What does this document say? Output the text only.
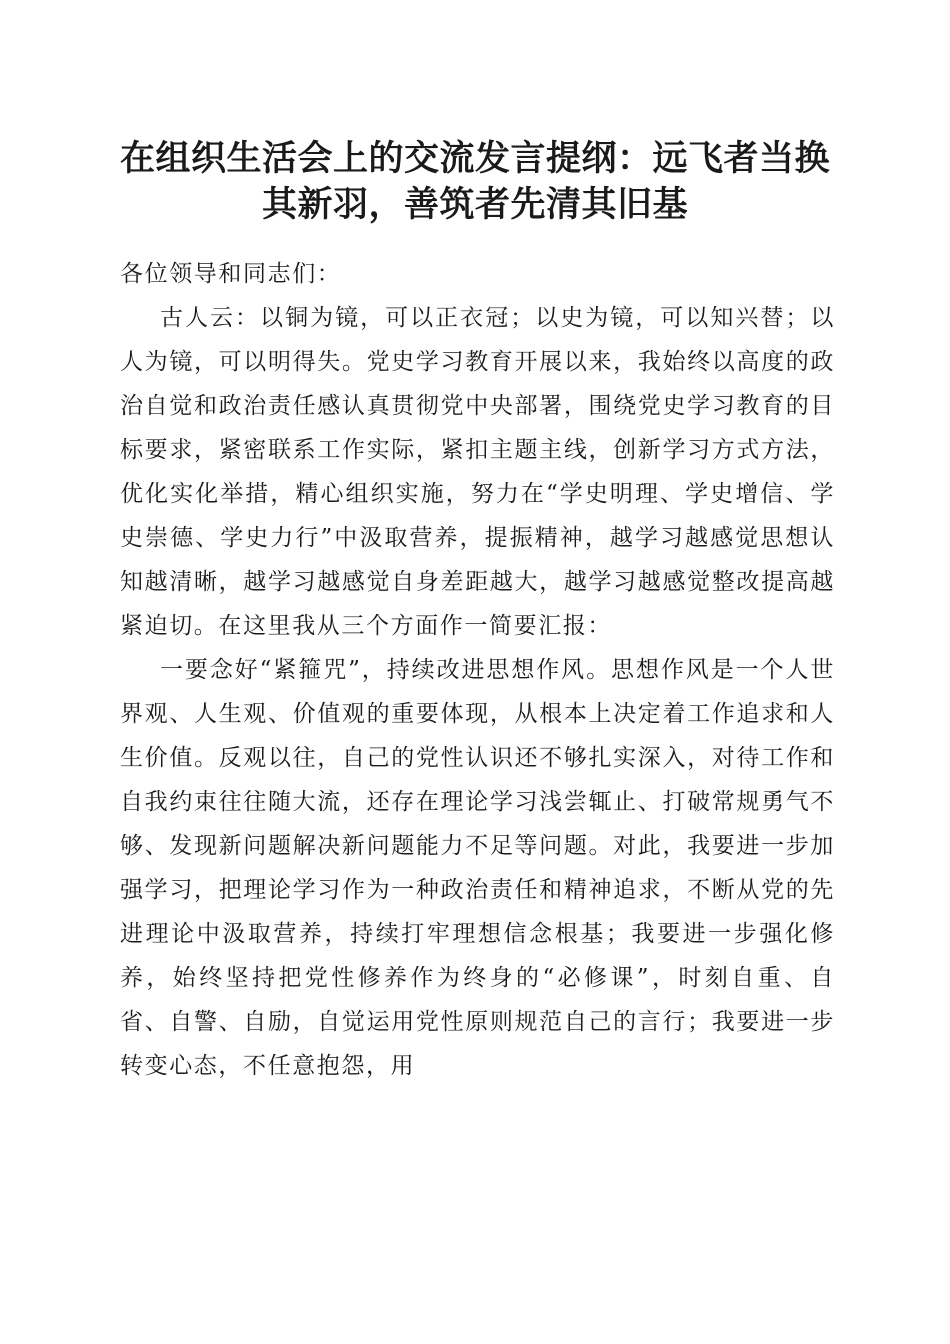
在组织生活会上的交流发言提纲：远飞者当换
其新羽，善筑者先清其旧基

各位领导和同志们：

古人云：以铜为镜，可以正衣冠；以史为镜，可以知兴替；以人为镜，可以明得失。党史学习教育开展以来，我始终以高度的政治自觉和政治责任感认真贯彻党中央部署，围绕党史学习教育的目标要求，紧密联系工作实际，紧扣主题主线，创新学习方式方法，优化实化举措，精心组织实施，努力在“学史明理、学史增信、学史崇德、学史力行”中汲取营养，提振精神，越学习越感觉思想认知越清晰，越学习越感觉自身差距越大，越学习越感觉整改提高越紧迫切。在这里我从三个方面作一简要汇报：

一要念好“紧箍咒”，持续改进思想作风。思想作风是一个人世界观、人生观、价值观的重要体现，从根本上决定着工作追求和人生价值。反观以往，自己的党性认识还不够扎实深入，对待工作和自我约束往往随大流，还存在理论学习浅尝辄止、打破常规勇气不够、发现新问题解决新问题能力不足等问题。对此，我要进一步加强学习，把理论学习作为一种政治责任和精神追求，不断从党的先进理论中汲取营养，持续打牢理想信念根基；我要进一步强化修养，始终坚持把党性修养作为终身的“必修课”，时刻自重、自省、自警、自励，自觉运用党性原则规范自己的言行；我要进一步转变心态，不任意抱怨，用
